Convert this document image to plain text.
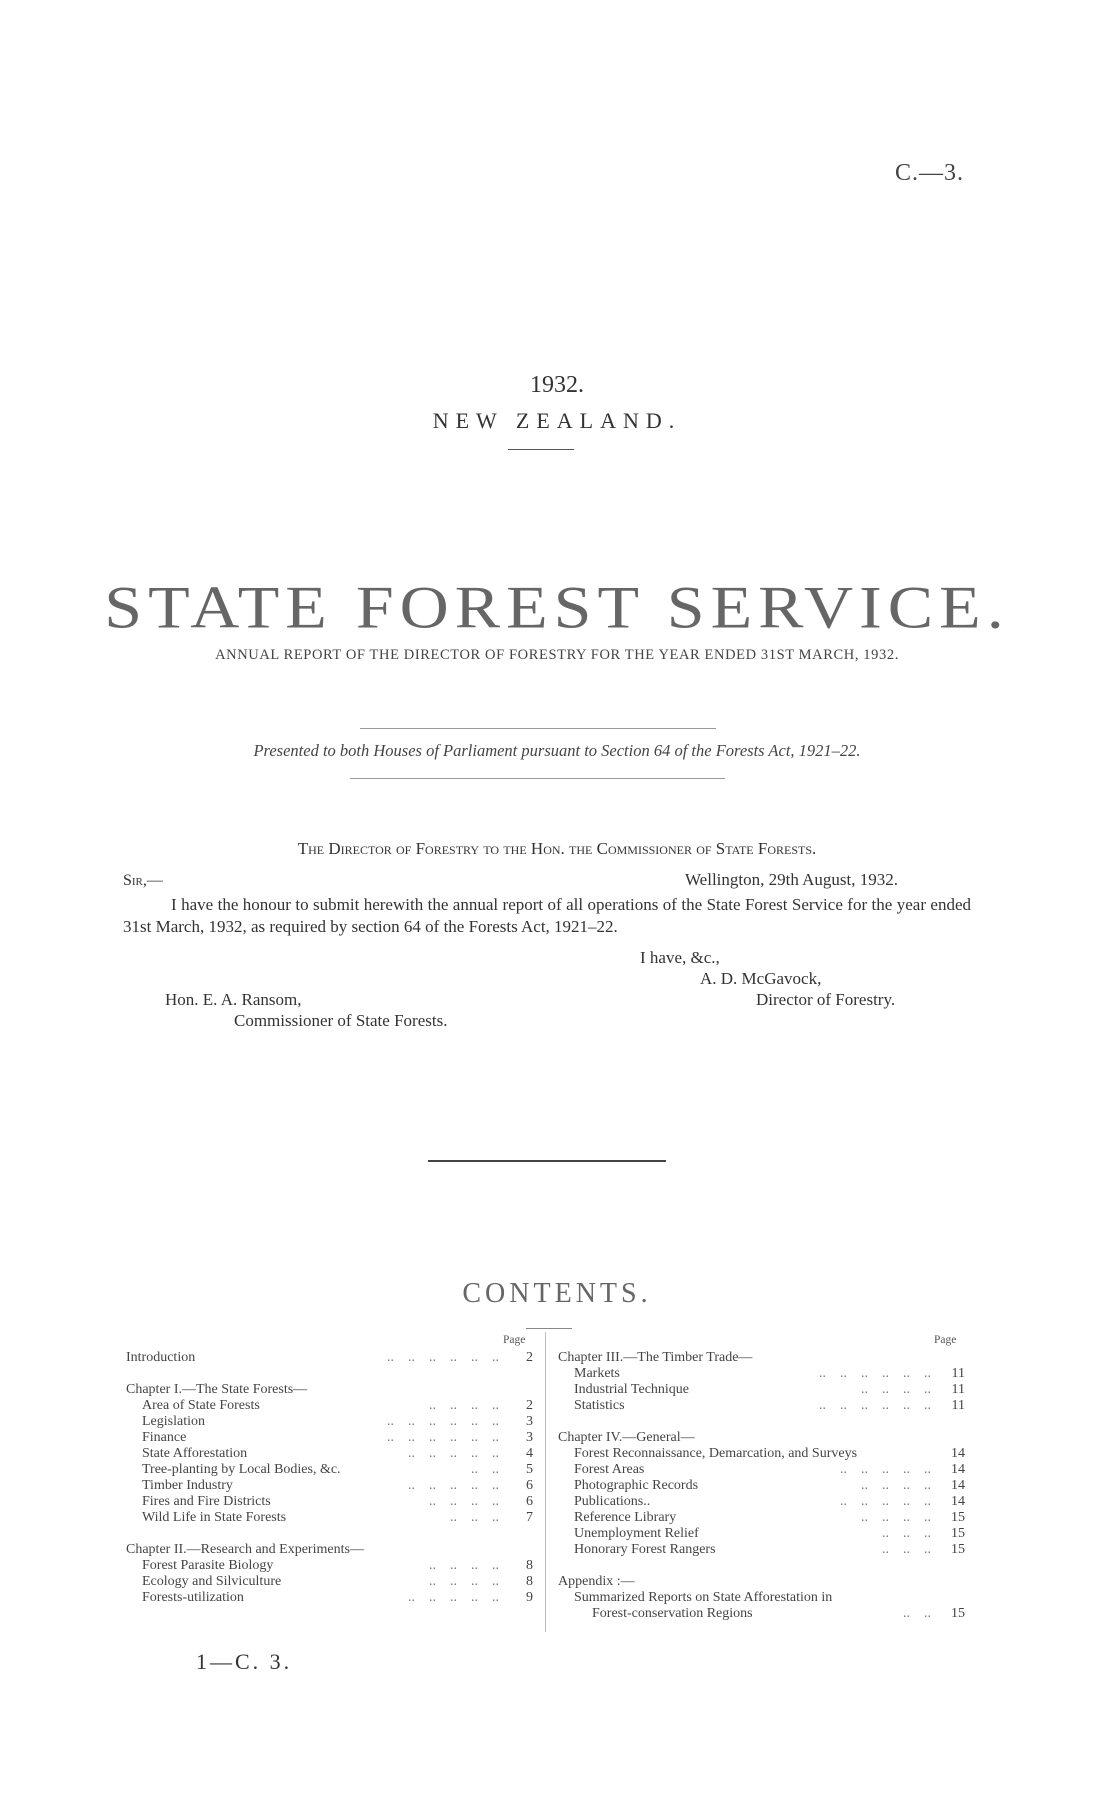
C.—3.
1932.
NEW ZEALAND.
STATE FOREST SERVICE.
ANNUAL REPORT OF THE DIRECTOR OF FORESTRY FOR THE YEAR ENDED 31ST MARCH, 1932.
Presented to both Houses of Parliament pursuant to Section 64 of the Forests Act, 1921–22.
The Director of Forestry to the Hon. the Commissioner of State Forests.
Sir,—	Wellington, 29th August, 1932.
I have the honour to submit herewith the annual report of all operations of the State Forest Service for the year ended 31st March, 1932, as required by section 64 of the Forests Act, 1921–22.
I have, &c.,
A. D. McGavock,
Director of Forestry.
Hon. E. A. Ransom,
Commissioner of State Forests.
CONTENTS.
Page	Page
Introduction	..    ..    ..    ..    ..    ..	2
Chapter I.—The State Forests—
Area of State Forests	..    ..    ..    ..	2
Legislation	..    ..    ..    ..    ..    ..	3
Finance	..    ..    ..    ..    ..    ..	3
State Afforestation	..    ..    ..    ..    ..	4
Tree-planting by Local Bodies, &c.	..    ..	5
Timber Industry	..    ..    ..    ..    ..	6
Fires and Fire Districts	..    ..    ..    ..	6
Wild Life in State Forests	..    ..    ..	7
Chapter II.—Research and Experiments—
Forest Parasite Biology	..    ..    ..    ..	8
Ecology and Silviculture	..    ..    ..    ..	8
Forests-utilization	..    ..    ..    ..    ..	9
Chapter III.—The Timber Trade—
Markets	..    ..    ..    ..    ..    ..	11
Industrial Technique	..    ..    ..    ..	11
Statistics	..    ..    ..    ..    ..    ..	11
Chapter IV.—General—
Forest Reconnaissance, Demarcation, and Surveys	14
Forest Areas	..    ..    ..    ..    ..	14
Photographic Records	..    ..    ..    ..	14
Publications..	..    ..    ..    ..    ..	14
Reference Library	..    ..    ..    ..	15
Unemployment Relief	..    ..    ..	15
Honorary Forest Rangers	..    ..    ..	15
Appendix :—
Summarized Reports on State Afforestation in
Forest-conservation Regions	..    ..	15
1—C. 3.
